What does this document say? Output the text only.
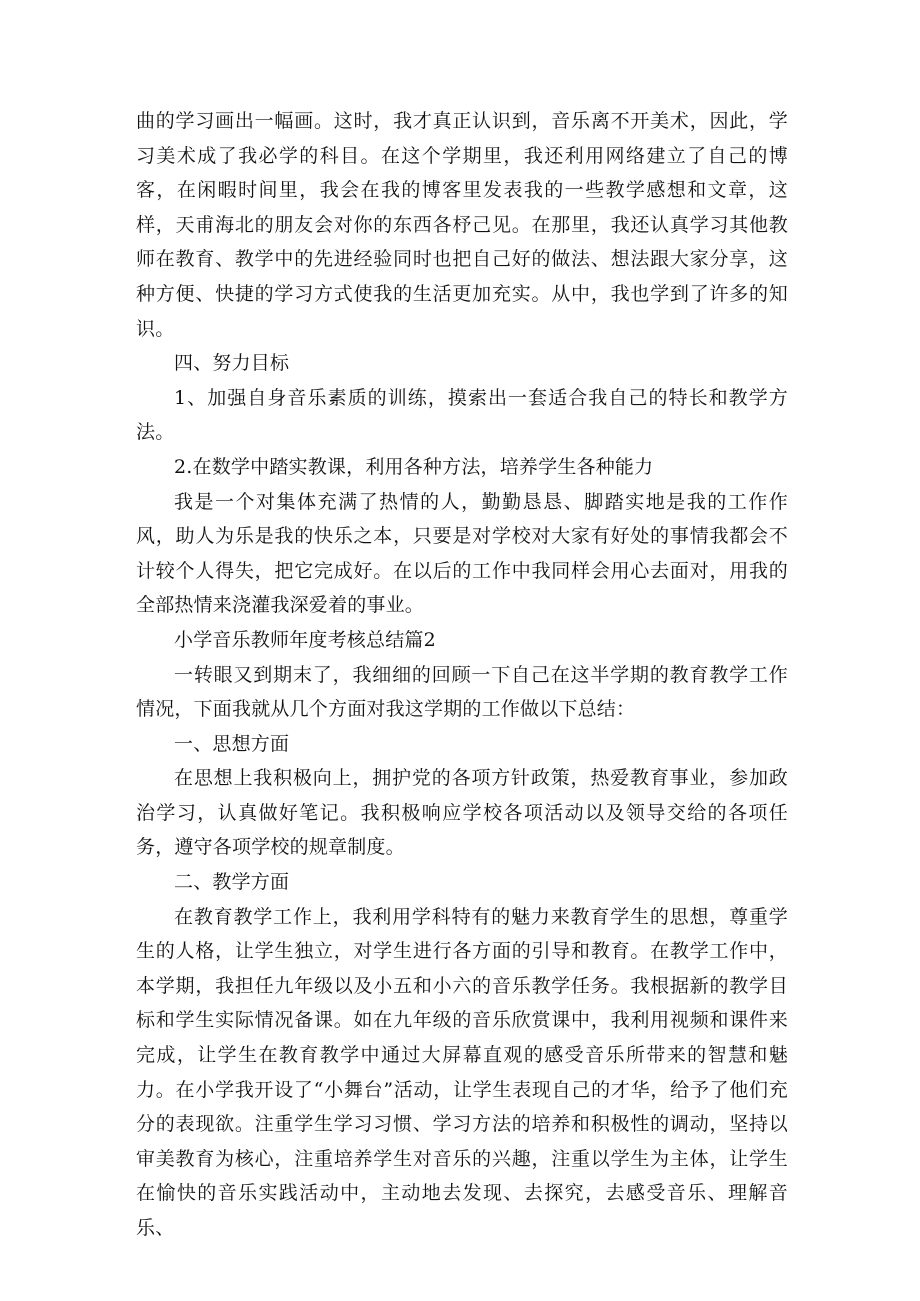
曲的学习画出一幅画。这时，我才真正认识到，音乐离不开美术，因此，学习美术成了我必学的科目。在这个学期里，我还利用网络建立了自己的博客，在闲暇时间里，我会在我的博客里发表我的一些教学感想和文章，这样，天甫海北的朋友会对你的东西各杼己见。在那里，我还认真学习其他教师在教育、教学中的先进经验同时也把自己好的做法、想法跟大家分享，这种方便、快捷的学习方式使我的生活更加充实。从中，我也学到了许多的知识。

四、努力目标

1、加强自身音乐素质的训练，摸索出一套适合我自己的特长和教学方法。

2.在数学中踏实教课，利用各种方法，培养学生各种能力

我是一个对集体充满了热情的人，勤勤恳恳、脚踏实地是我的工作作风，助人为乐是我的快乐之本，只要是对学校对大家有好处的事情我都会不计较个人得失，把它完成好。在以后的工作中我同样会用心去面对，用我的全部热情来浇灌我深爱着的事业。

小学音乐教师年度考核总结篇2

一转眼又到期末了，我细细的回顾一下自己在这半学期的教育教学工作情况，下面我就从几个方面对我这学期的工作做以下总结：

一、思想方面

在思想上我积极向上，拥护党的各项方针政策，热爱教育事业，参加政治学习，认真做好笔记。我积极响应学校各项活动以及领导交给的各项任务，遵守各项学校的规章制度。

二、教学方面

在教育教学工作上，我利用学科特有的魅力来教育学生的思想，尊重学生的人格，让学生独立，对学生进行各方面的引导和教育。在教学工作中，本学期，我担任九年级以及小五和小六的音乐教学任务。我根据新的教学目标和学生实际情况备课。如在九年级的音乐欣赏课中，我利用视频和课件来完成，让学生在教育教学中通过大屏幕直观的感受音乐所带来的智慧和魅力。在小学我开设了“小舞台”活动，让学生表现自己的才华，给予了他们充分的表现欲。注重学生学习习惯、学习方法的培养和积极性的调动，坚持以审美教育为核心，注重培养学生对音乐的兴趣，注重以学生为主体，让学生在愉快的音乐实践活动中，主动地去发现、去探究，去感受音乐、理解音乐、
